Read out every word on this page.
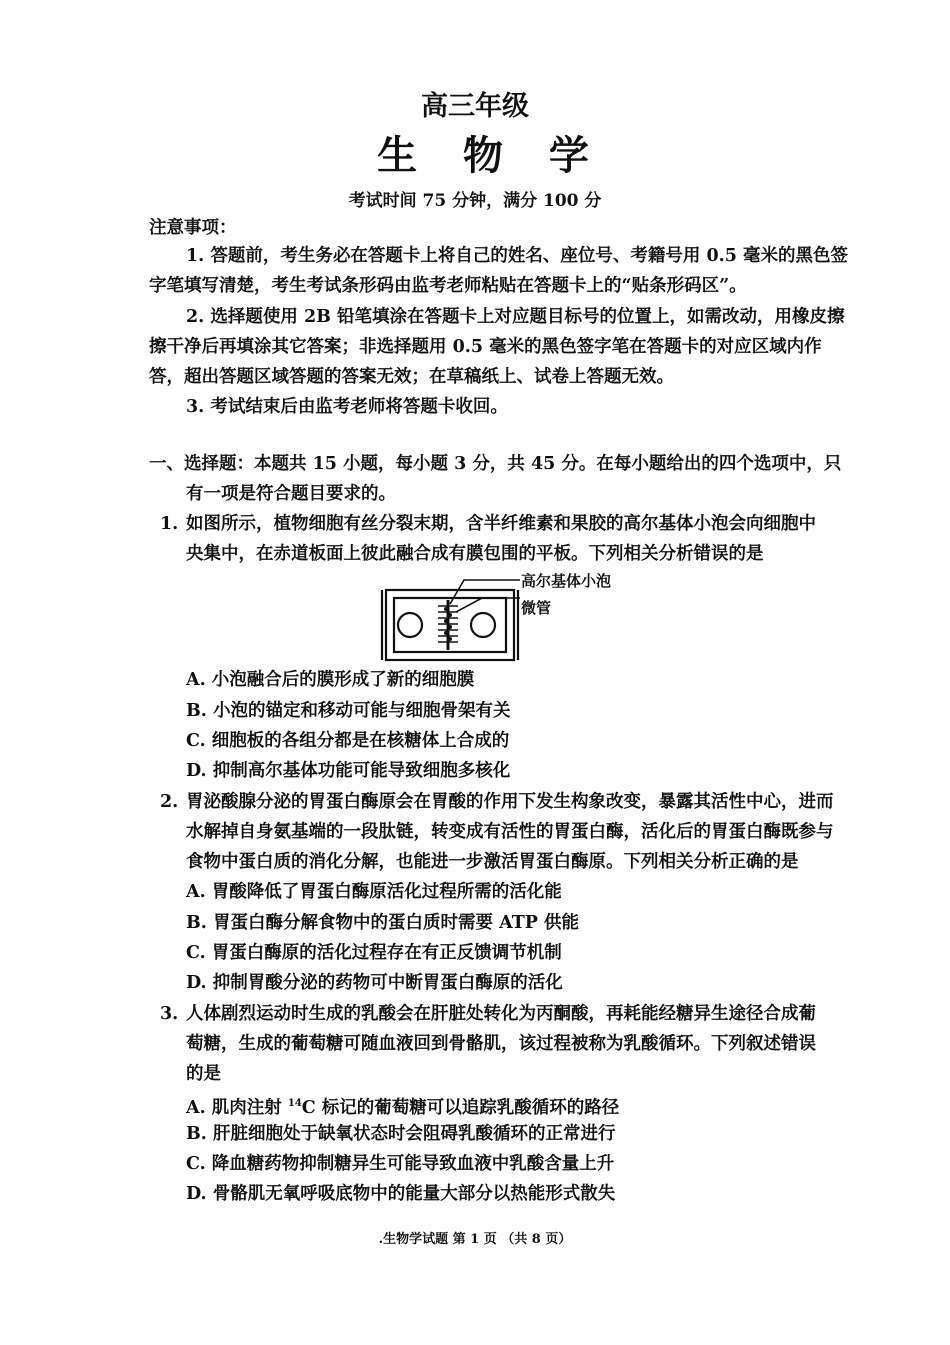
高三年级
生 物 学
考试时间 75 分钟，满分 100 分
注意事项：
1. 答题前，考生务必在答题卡上将自己的姓名、座位号、考籍号用 0.5 毫米的黑色签
字笔填写清楚，考生考试条形码由监考老师粘贴在答题卡上的“贴条形码区”。
2. 选择题使用 2B 铅笔填涂在答题卡上对应题目标号的位置上，如需改动，用橡皮擦
擦干净后再填涂其它答案；非选择题用 0.5 毫米的黑色签字笔在答题卡的对应区域内作
答，超出答题区域答题的答案无效；在草稿纸上、试卷上答题无效。
3. 考试结束后由监考老师将答题卡收回。
一、选择题：本题共 15 小题，每小题 3 分，共 45 分。在每小题给出的四个选项中，只
有一项是符合题目要求的。
1. 如图所示，植物细胞有丝分裂末期，含半纤维素和果胶的高尔基体小泡会向细胞中
央集中，在赤道板面上彼此融合成有膜包围的平板。下列相关分析错误的是
高尔基体小泡
微管
A. 小泡融合后的膜形成了新的细胞膜
B. 小泡的锚定和移动可能与细胞骨架有关
C. 细胞板的各组分都是在核糖体上合成的
D. 抑制高尔基体功能可能导致细胞多核化
2. 胃泌酸腺分泌的胃蛋白酶原会在胃酸的作用下发生构象改变，暴露其活性中心，进而
水解掉自身氨基端的一段肽链，转变成有活性的胃蛋白酶，活化后的胃蛋白酶既参与
食物中蛋白质的消化分解，也能进一步激活胃蛋白酶原。下列相关分析正确的是
A. 胃酸降低了胃蛋白酶原活化过程所需的活化能
B. 胃蛋白酶分解食物中的蛋白质时需要 ATP 供能
C. 胃蛋白酶原的活化过程存在有正反馈调节机制
D. 抑制胃酸分泌的药物可中断胃蛋白酶原的活化
3. 人体剧烈运动时生成的乳酸会在肝脏处转化为丙酮酸，再耗能经糖异生途径合成葡
萄糖，生成的葡萄糖可随血液回到骨骼肌，该过程被称为乳酸循环。下列叙述错误
的是
A. 肌肉注射 $^{14}$C 标记的葡萄糖可以追踪乳酸循环的路径
B. 肝脏细胞处于缺氧状态时会阻碍乳酸循环的正常进行
C. 降血糖药物抑制糖异生可能导致血液中乳酸含量上升
D. 骨骼肌无氧呼吸底物中的能量大部分以热能形式散失
.生物学试题 第 1 页 （共 8 页）
